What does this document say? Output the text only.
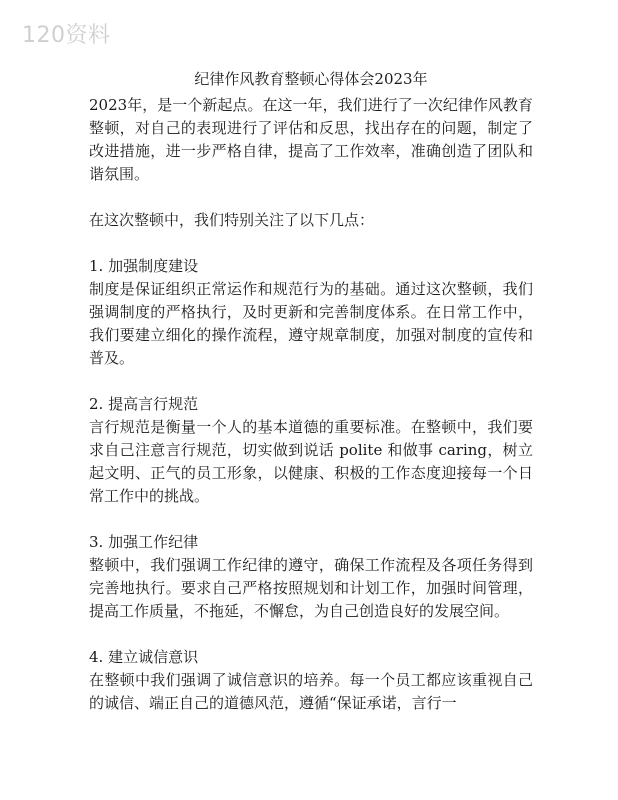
120资料
纪律作风教育整顿心得体会2023年

2023年，是一个新起点。在这一年，我们进行了一次纪律作风教育整顿，对自己的表现进行了评估和反思，找出存在的问题，制定了改进措施，进一步严格自律，提高了工作效率，准确创造了团队和谐氛围。

在这次整顿中，我们特别关注了以下几点：

1. 加强制度建设

制度是保证组织正常运作和规范行为的基础。通过这次整顿，我们强调制度的严格执行，及时更新和完善制度体系。在日常工作中，我们要建立细化的操作流程，遵守规章制度，加强对制度的宣传和普及。

2. 提高言行规范

言行规范是衡量一个人的基本道德的重要标准。在整顿中，我们要求自己注意言行规范，切实做到说话 polite 和做事 caring，树立起文明、正气的员工形象，以健康、积极的工作态度迎接每一个日常工作中的挑战。

3. 加强工作纪律

整顿中，我们强调工作纪律的遵守，确保工作流程及各项任务得到完善地执行。要求自己严格按照规划和计划工作，加强时间管理，提高工作质量，不拖延，不懈怠，为自己创造良好的发展空间。

4. 建立诚信意识

在整顿中我们强调了诚信意识的培养。每一个员工都应该重视自己的诚信、端正自己的道德风范，遵循“保证承诺，言行一
